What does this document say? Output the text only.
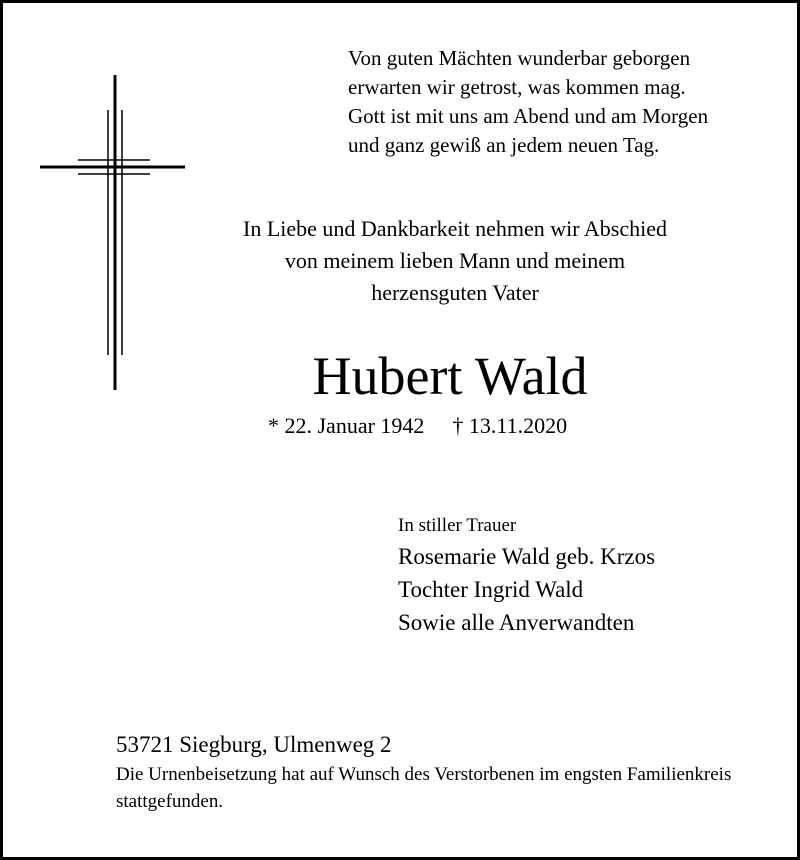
Von guten Mächten wunderbar geborgen
erwarten wir getrost, was kommen mag.
Gott ist mit uns am Abend und am Morgen
und ganz gewiß an jedem neuen Tag.
In Liebe und Dankbarkeit nehmen wir Abschied
von meinem lieben Mann und meinem
herzensguten Vater
Hubert Wald
* 22. Januar 1942 † 13.11.2020
In stiller Trauer
Rosemarie Wald geb. Krzos
Tochter Ingrid Wald
Sowie alle Anverwandten
53721 Siegburg, Ulmenweg 2
Die Urnenbeisetzung hat auf Wunsch des Verstorbenen im engsten Familienkreis stattgefunden.
